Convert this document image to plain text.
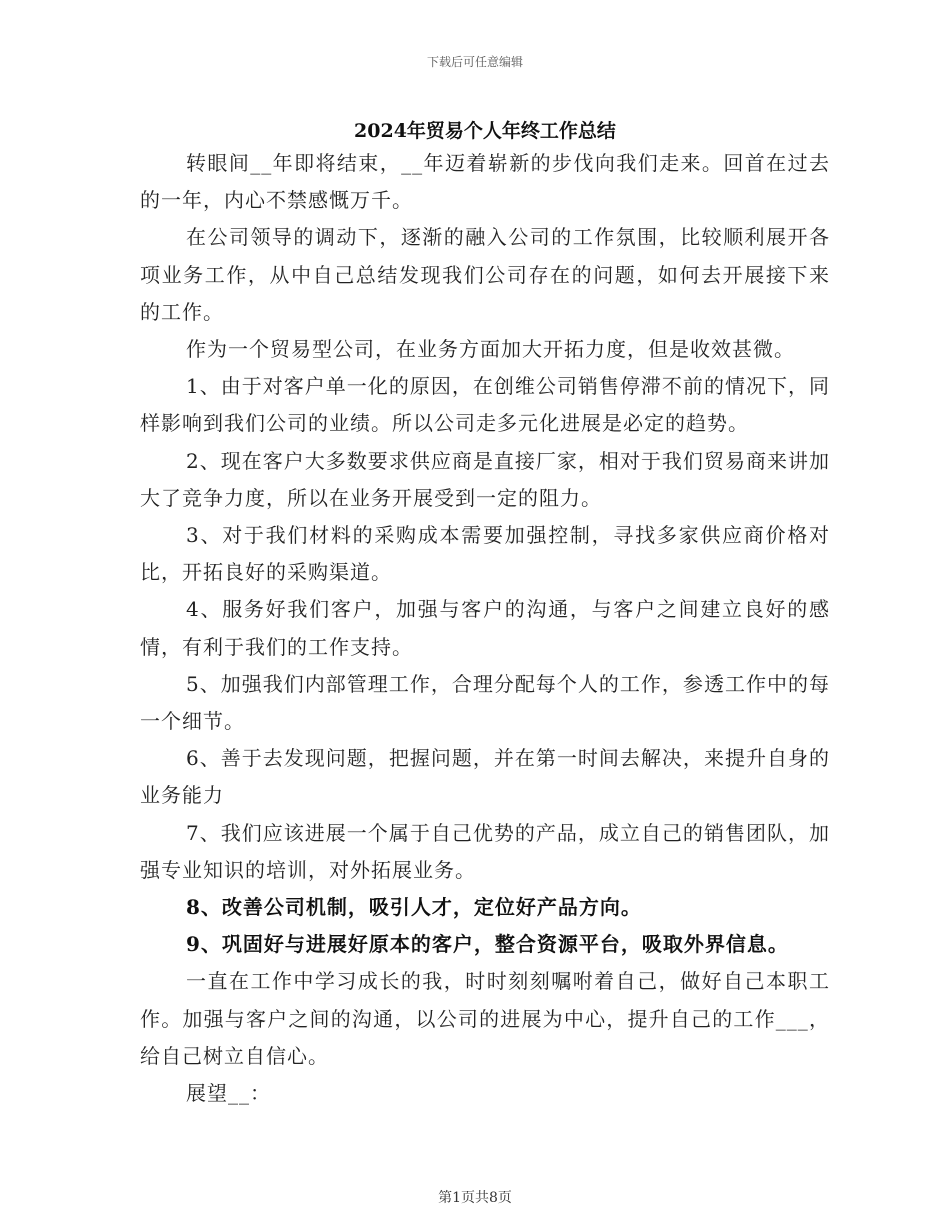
下载后可任意编辑
2024年贸易个人年终工作总结

转眼间__年即将结束，__年迈着崭新的步伐向我们走来。回首在过去的一年，内心不禁感慨万千。

在公司领导的调动下，逐渐的融入公司的工作氛围，比较顺利展开各项业务工作，从中自己总结发现我们公司存在的问题，如何去开展接下来的工作。

作为一个贸易型公司，在业务方面加大开拓力度，但是收效甚微。

1、由于对客户单一化的原因，在创维公司销售停滞不前的情况下，同样影响到我们公司的业绩。所以公司走多元化进展是必定的趋势。

2、现在客户大多数要求供应商是直接厂家，相对于我们贸易商来讲加大了竞争力度，所以在业务开展受到一定的阻力。

3、对于我们材料的采购成本需要加强控制，寻找多家供应商价格对比，开拓良好的采购渠道。

4、服务好我们客户，加强与客户的沟通，与客户之间建立良好的感情，有利于我们的工作支持。

5、加强我们内部管理工作，合理分配每个人的工作，参透工作中的每一个细节。

6、善于去发现问题，把握问题，并在第一时间去解决，来提升自身的业务能力

7、我们应该进展一个属于自己优势的产品，成立自己的销售团队，加强专业知识的培训，对外拓展业务。

8、改善公司机制，吸引人才，定位好产品方向。

9、巩固好与进展好原本的客户，整合资源平台，吸取外界信息。

一直在工作中学习成长的我，时时刻刻嘱咐着自己，做好自己本职工作。加强与客户之间的沟通，以公司的进展为中心，提升自己的工作___，给自己树立自信心。

展望__：

第1页共8页
